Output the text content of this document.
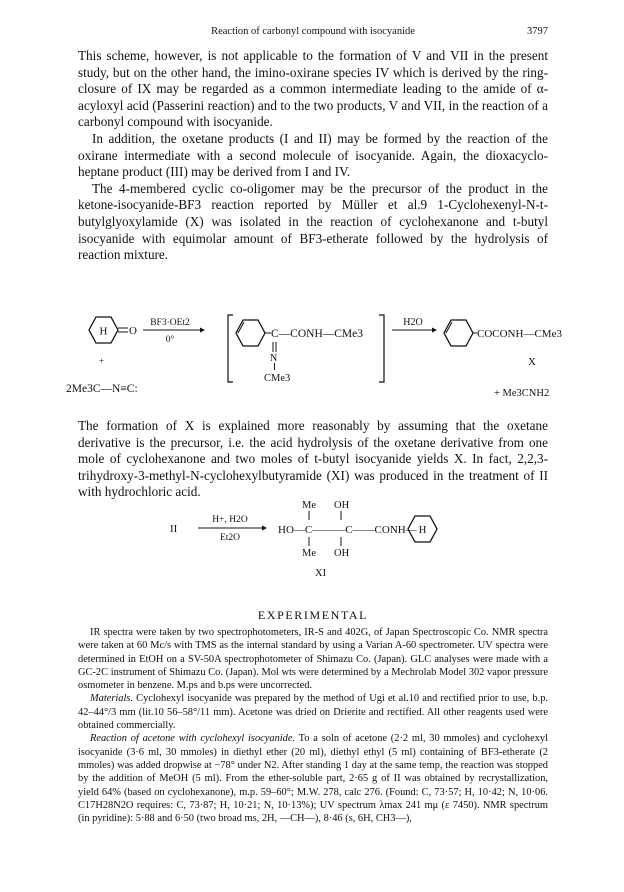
Reaction of carbonyl compound with isocyanide	3797

This scheme, however, is not applicable to the formation of V and VII in the present study, but on the other hand, the imino-oxirane species IV which is derived by the ring-closure of IX may be regarded as a common intermediate leading to the amide of α-acyloxyl acid (Passerini reaction) and to the two products, V and VII, in the reaction of a carbonyl compound with isocyanide.

In addition, the oxetane products (I and II) may be formed by the reaction of the oxirane intermediate with a second molecule of isocyanide. Again, the dioxacyclo-heptane product (III) may be derived from I and IV.

The 4-membered cyclic co-oligomer may be the precursor of the product in the ketone-isocyanide-BF3 reaction reported by Müller et al.9 1-Cyclohexenyl-N-t-butylglyoxylamide (X) was isolated in the reaction of cyclohexanone and t-butyl isocyanide with equimolar amount of BF3-etherate followed by the hydrolysis of reaction mixture.

H O
+
2Me3C—N≡C:
BF3·OEt2
0°	C—CONH—CMe3
N
CMe3
H2O
COCONH—CMe3
X
+ Me3CNH2
II
H+, H2O
Et2O
Me OH
HO—C———C——CONH— H
Me OH
XI

The formation of X is explained more reasonably by assuming that the oxetane derivative is the precursor, i.e. the acid hydrolysis of the oxetane derivative from one mole of cyclohexanone and two moles of t-butyl isocyanide yields X. In fact, 2,2,3-trihydroxy-3-methyl-N-cyclohexylbutyramide (XI) was produced in the treatment of II with hydrochloric acid.

EXPERIMENTAL

IR spectra were taken by two spectrophotometers, IR-S and 402G, of Japan Spectroscopic Co. NMR spectra were taken at 60 Mc/s with TMS as the internal standard by using a Varian A-60 spectrometer. UV spectra were determined in EtOH on a SV-50A spectrophotometer of Shimazu Co. (Japan). GLC analyses were made with a GC-2C instrument of Shimazu Co. (Japan). Mol wts were determined by a Mechrolab Model 302 vapor pressure osmometer in benzene. M.ps and b.ps were uncorrected.

Materials. Cyclohexyl isocyanide was prepared by the method of Ugi et al.10 and rectified prior to use, b.p. 42–44°/3 mm (lit.10 56–58°/11 mm). Acetone was dried on Drierite and rectified. All other reagents used were obtained commercially.

Reaction of acetone with cyclohexyl isocyanide. To a soln of acetone (2·2 ml, 30 mmoles) and cyclohexyl isocyanide (3·6 ml, 30 mmoles) in diethyl ether (20 ml), diethyl ethyl (5 ml) containing of BF3-etherate (2 mmoles) was added dropwise at −78° under N2. After standing 1 day at the same temp, the reaction was stopped by the addition of MeOH (5 ml). From the ether-soluble part, 2·65 g of II was obtained by recrystallization, yield 64% (based on cyclohexanone), m.p. 59–60°; M.W. 278, calc 276. (Found: C, 73·57; H, 10·42; N, 10·06. C17H28N2O requires: C, 73·87; H, 10·21; N, 10·13%); UV spectrum λmax 241 mμ (ε 7450). NMR spectrum (in pyridine): 5·88 and 6·50 (two broad ms, 2H, —CH—), 8·46 (s, 6H, CH3—),
